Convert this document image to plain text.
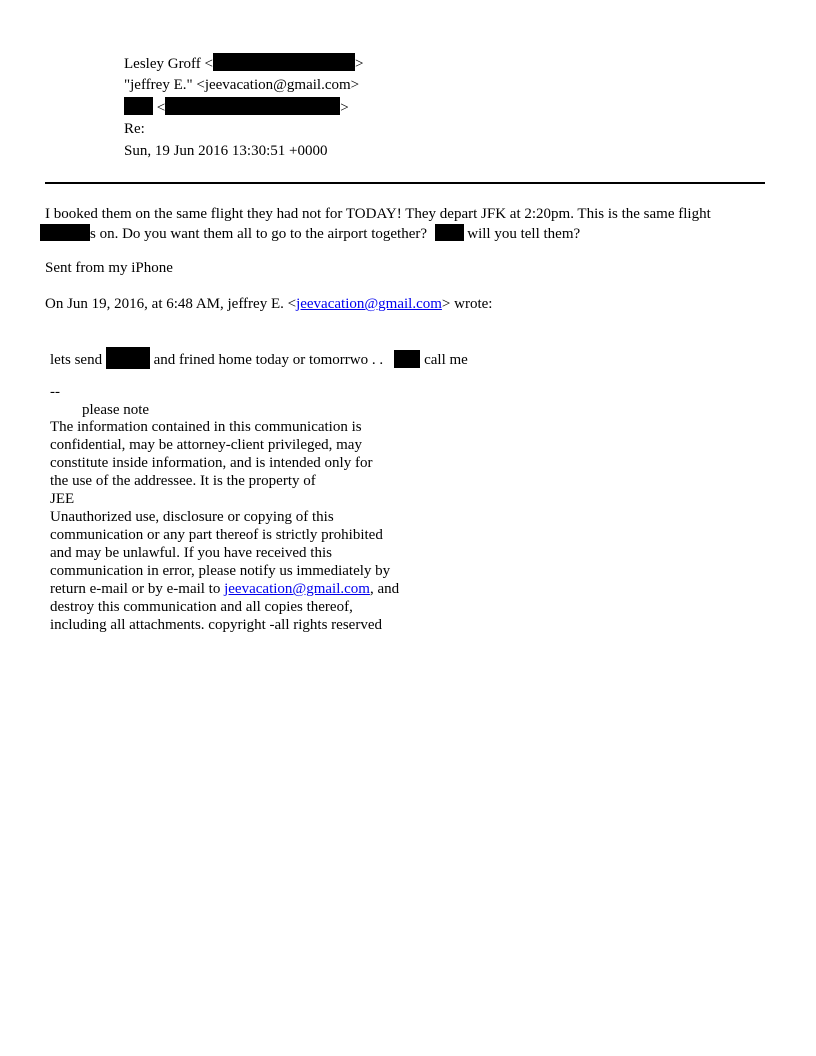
Lesley Groff <	>
"jeffrey E." <jeevacation@gmail.com>
<	>
Re:
Sun, 19 Jun 2016 13:30:51 +0000
I booked them on the same flight they had not for TODAY! They depart JFK at 2:20pm. This is the same flight
s on. Do you want them all to go to the airport together?	will you tell them?
Sent from my iPhone
On Jun 19, 2016, at 6:48 AM, jeffrey E. <jeevacation@gmail.com> wrote:
lets send	and frined home today or tomorrwo . .	call me
--
please note
The information contained in this communication is
confidential, may be attorney-client privileged, may
constitute inside information, and is intended only for
the use of the addressee. It is the property of
JEE
Unauthorized use, disclosure or copying of this
communication or any part thereof is strictly prohibited
and may be unlawful. If you have received this
communication in error, please notify us immediately by
return e-mail or by e-mail to jeevacation@gmail.com, and
destroy this communication and all copies thereof,
including all attachments. copyright -all rights reserved
